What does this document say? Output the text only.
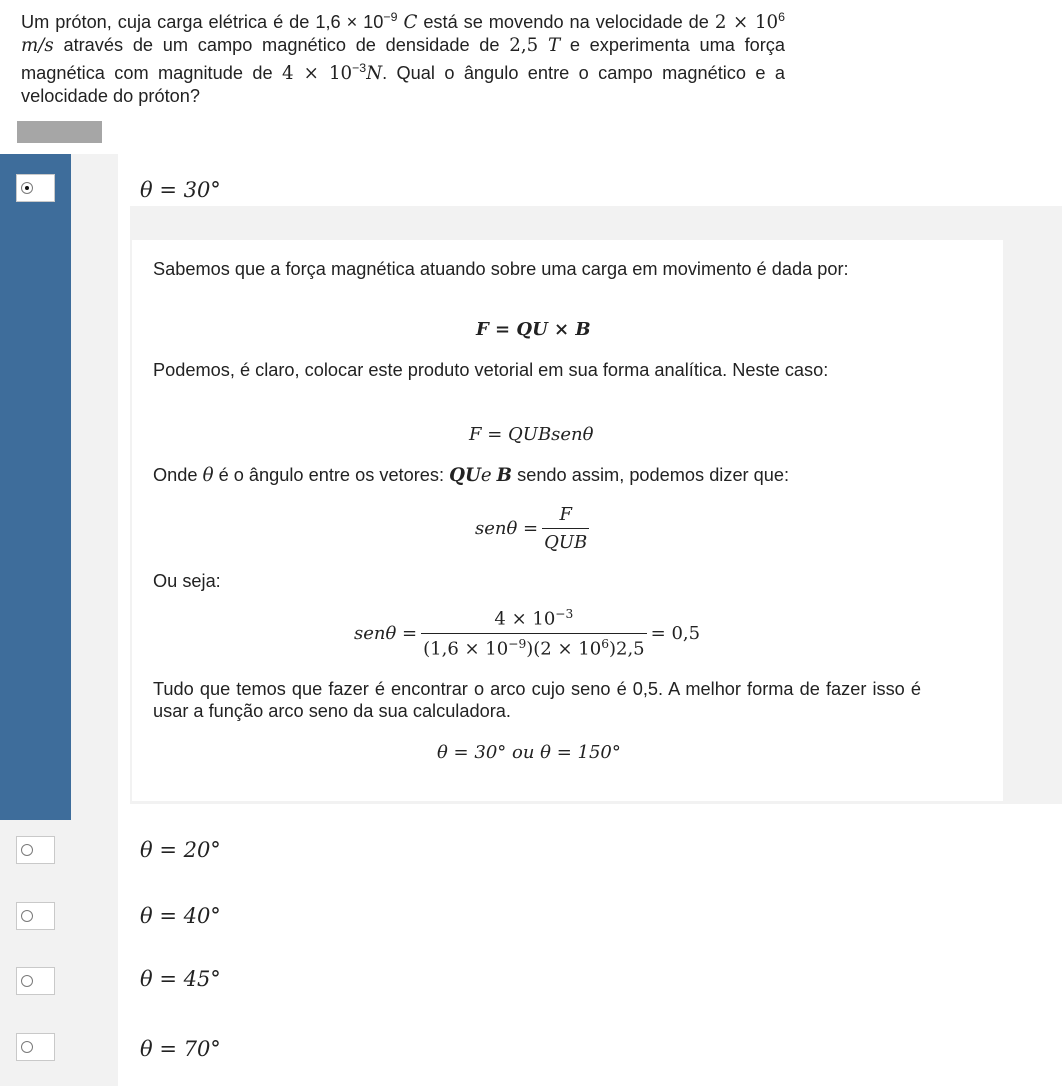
Um próton, cuja carga elétrica é de $1,6 \times 10^{-9}$ C está se movendo na velocidade de $2 \times 10^6$ m/s através de um campo magnético de densidade de 2,5 T e experimenta uma força magnética com magnitude de $4 \times 10^{-3}N$. Qual o ângulo entre o campo magnético e a velocidade do próton?
θ = 30°
Sabemos que a força magnética atuando sobre uma carga em movimento é dada por:
F = QU × B
Podemos, é claro, colocar este produto vetorial em sua forma analítica. Neste caso:
F = QUBsenθ
Onde θ é o ângulo entre os vetores: QUe B sendo assim, podemos dizer que:
$sen\theta = \frac{F}{\text{QUB}}$
Ou seja:
$sen\theta = \frac{4 \times 10^{-3}}{(1,6 \times 10^{-9})(2 \times 10^6)2,5} = 0,5$
Tudo que temos que fazer é encontrar o arco cujo seno é 0,5. A melhor forma de fazer isso é usar a função arco seno da sua calculadora.
θ = 30° ou θ = 150°
θ = 20°
θ = 40°
θ = 45°
θ = 70°
